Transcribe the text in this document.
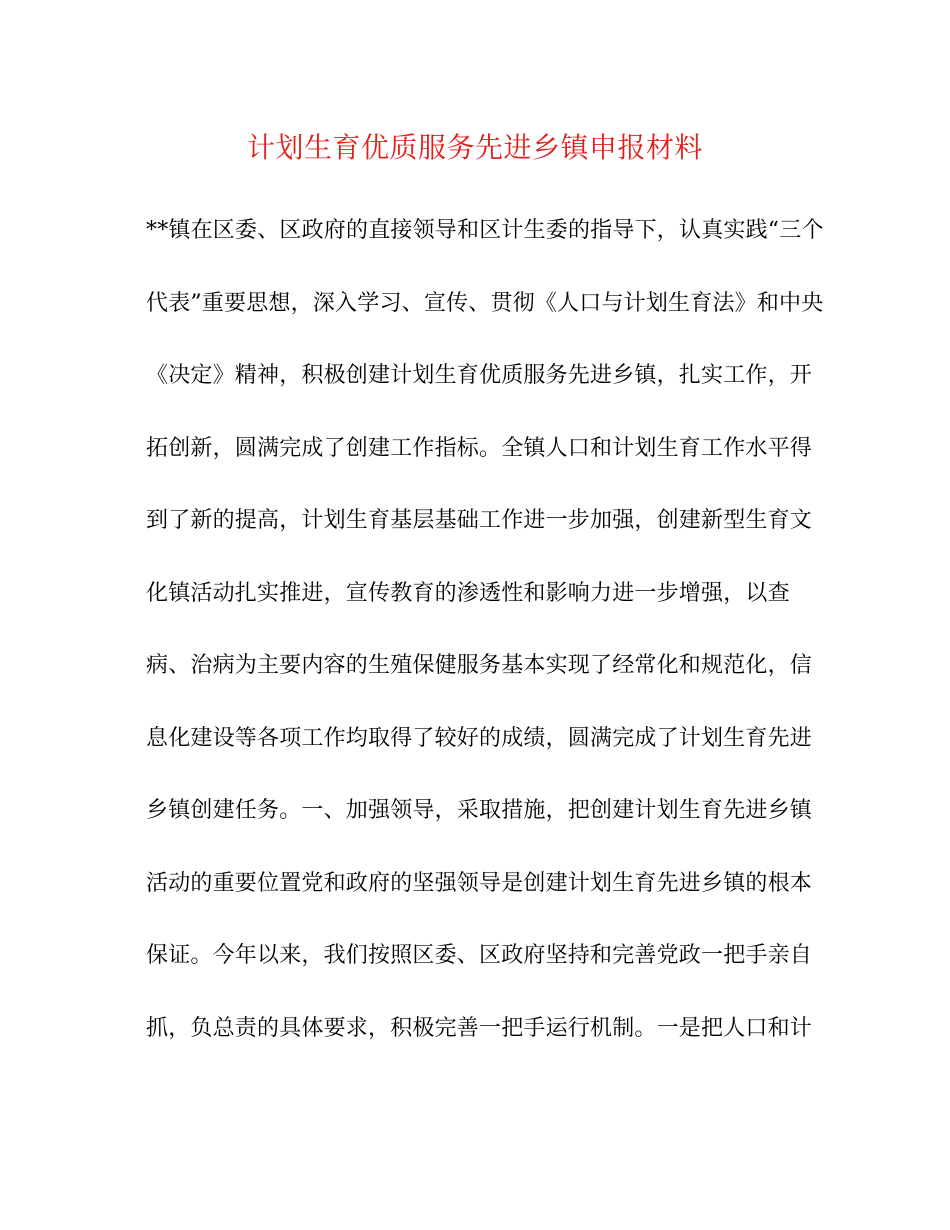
计划生育优质服务先进乡镇申报材料
**镇在区委、区政府的直接领导和区计生委的指导下，认真实践“三个
代表”重要思想，深入学习、宣传、贯彻《人口与计划生育法》和中央
《决定》精神，积极创建计划生育优质服务先进乡镇，扎实工作，开
拓创新，圆满完成了创建工作指标。全镇人口和计划生育工作水平得
到了新的提高，计划生育基层基础工作进一步加强，创建新型生育文
化镇活动扎实推进，宣传教育的渗透性和影响力进一步增强，以查
病、治病为主要内容的生殖保健服务基本实现了经常化和规范化，信
息化建设等各项工作均取得了较好的成绩，圆满完成了计划生育先进
乡镇创建任务。一、加强领导，采取措施，把创建计划生育先进乡镇
活动的重要位置党和政府的坚强领导是创建计划生育先进乡镇的根本
保证。今年以来，我们按照区委、区政府坚持和完善党政一把手亲自
抓，负总责的具体要求，积极完善一把手运行机制。一是把人口和计
